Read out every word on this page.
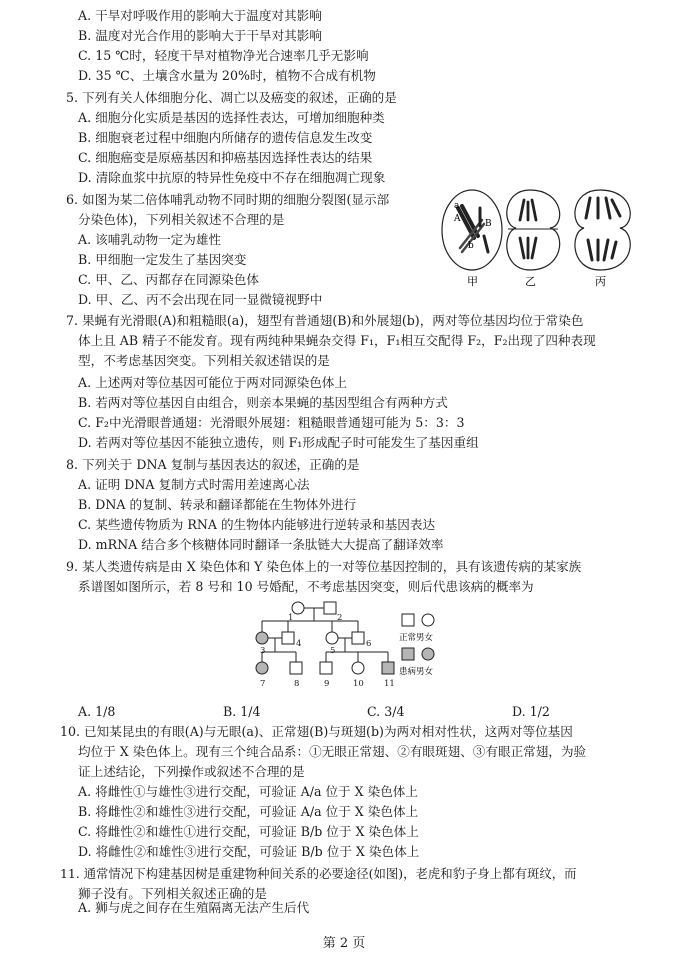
A. 干旱对呼吸作用的影响大于温度对其影响
B. 温度对光合作用的影响大于干旱对其影响
C. 15 ℃时，轻度干旱对植物净光合速率几乎无影响
D. 35 ℃、土壤含水量为 20%时，植物不合成有机物
5. 下列有关人体细胞分化、凋亡以及癌变的叙述，正确的是
A. 细胞分化实质是基因的选择性表达，可增加细胞种类
B. 细胞衰老过程中细胞内所储存的遗传信息发生改变
C. 细胞癌变是原癌基因和抑癌基因选择性表达的结果
D. 清除血浆中抗原的特异性免疫中不存在细胞凋亡现象
6. 如图为某二倍体哺乳动物不同时期的细胞分裂图(显示部
分染色体)，下列相关叙述不合理的是
A. 该哺乳动物一定为雄性
B. 甲细胞一定发生了基因突变
C. 甲、乙、丙都存在同源染色体
D. 甲、乙、丙不会出现在同一显微镜视野中
7. 果蝇有光滑眼(A)和粗糙眼(a)，翅型有普通翅(B)和外展翅(b)，两对等位基因均位于常染色
体上且 AB 精子不能发育。现有两纯种果蝇杂交得 F₁，F₁相互交配得 F₂，F₂出现了四种表现
型，不考虑基因突变。下列相关叙述错误的是
A. 上述两对等位基因可能位于两对同源染色体上
B. 若两对等位基因自由组合，则亲本果蝇的基因型组合有两种方式
C. F₂中光滑眼普通翅：光滑眼外展翅：粗糙眼普通翅可能为 5：3：3
D. 若两对等位基因不能独立遗传，则 F₁形成配子时可能发生了基因重组
8. 下列关于 DNA 复制与基因表达的叙述，正确的是
A. 证明 DNA 复制方式时需用差速离心法
B. DNA 的复制、转录和翻译都能在生物体外进行
C. 某些遗传物质为 RNA 的生物体内能够进行逆转录和基因表达
D. mRNA 结合多个核糖体同时翻译一条肽链大大提高了翻译效率
9. 某人类遗传病是由 X 染色体和 Y 染色体上的一对等位基因控制的，具有该遗传病的某家族
系谱图如图所示，若 8 号和 10 号婚配，不考虑基因突变，则后代患该病的概率为
A. 1/8	B. 1/4	C. 3/4	D. 1/2
10. 已知某昆虫的有眼(A)与无眼(a)、正常翅(B)与斑翅(b)为两对相对性状，这两对等位基因
均位于 X 染色体上。现有三个纯合品系：①无眼正常翅、②有眼斑翅、③有眼正常翅，为验
证上述结论，下列操作或叙述不合理的是
A. 将雌性①与雄性③进行交配，可验证 A/a 位于 X 染色体上
B. 将雌性②和雄性③进行交配，可验证 A/a 位于 X 染色体上
C. 将雌性②和雄性①进行交配，可验证 B/b 位于 X 染色体上
D. 将雌性②和雄性③进行交配，可验证 B/b 位于 X 染色体上
11. 通常情况下构建基因树是重建物种间关系的必要途径(如图)，老虎和豹子身上都有斑纹，而
狮子没有。下列相关叙述正确的是
第 2 页
a
A
b
B
甲	乙	丙
1	2
3
4
5
6
7	8	9	10 11
正常男女
患病男女
A. 狮与虎之间存在生殖隔离无法产生后代
